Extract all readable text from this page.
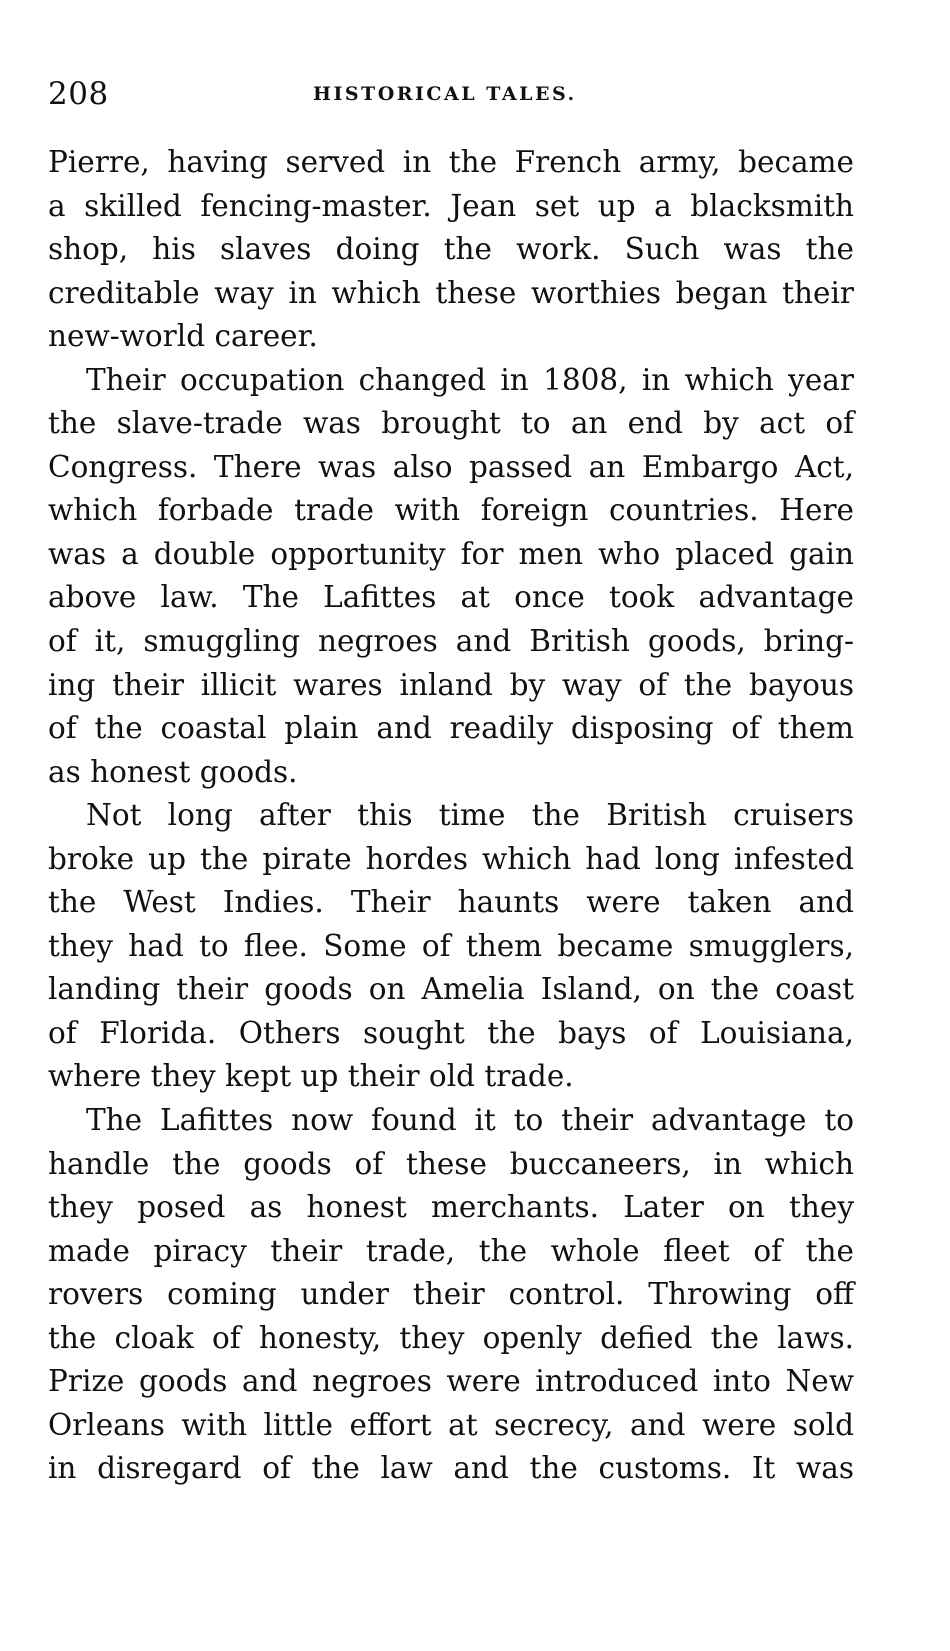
208	HISTORICAL TALES.
Pierre, having served in the French army, became
a skilled fencing-master. Jean set up a blacksmith
shop, his slaves doing the work. Such was the
creditable way in which these worthies began their
new-world career.
Their occupation changed in 1808, in which year
the slave-trade was brought to an end by act of
Congress. There was also passed an Embargo Act,
which forbade trade with foreign countries. Here
was a double opportunity for men who placed gain
above law. The Lafittes at once took advantage
of it, smuggling negroes and British goods, bring-
ing their illicit wares inland by way of the bayous
of the coastal plain and readily disposing of them
as honest goods.
Not long after this time the British cruisers
broke up the pirate hordes which had long infested
the West Indies. Their haunts were taken and
they had to flee. Some of them became smugglers,
landing their goods on Amelia Island, on the coast
of Florida. Others sought the bays of Louisiana,
where they kept up their old trade.
The Lafittes now found it to their advantage to
handle the goods of these buccaneers, in which
they posed as honest merchants. Later on they
made piracy their trade, the whole fleet of the
rovers coming under their control. Throwing off
the cloak of honesty, they openly defied the laws.
Prize goods and negroes were introduced into New
Orleans with little effort at secrecy, and were sold
in disregard of the law and the customs. It was
